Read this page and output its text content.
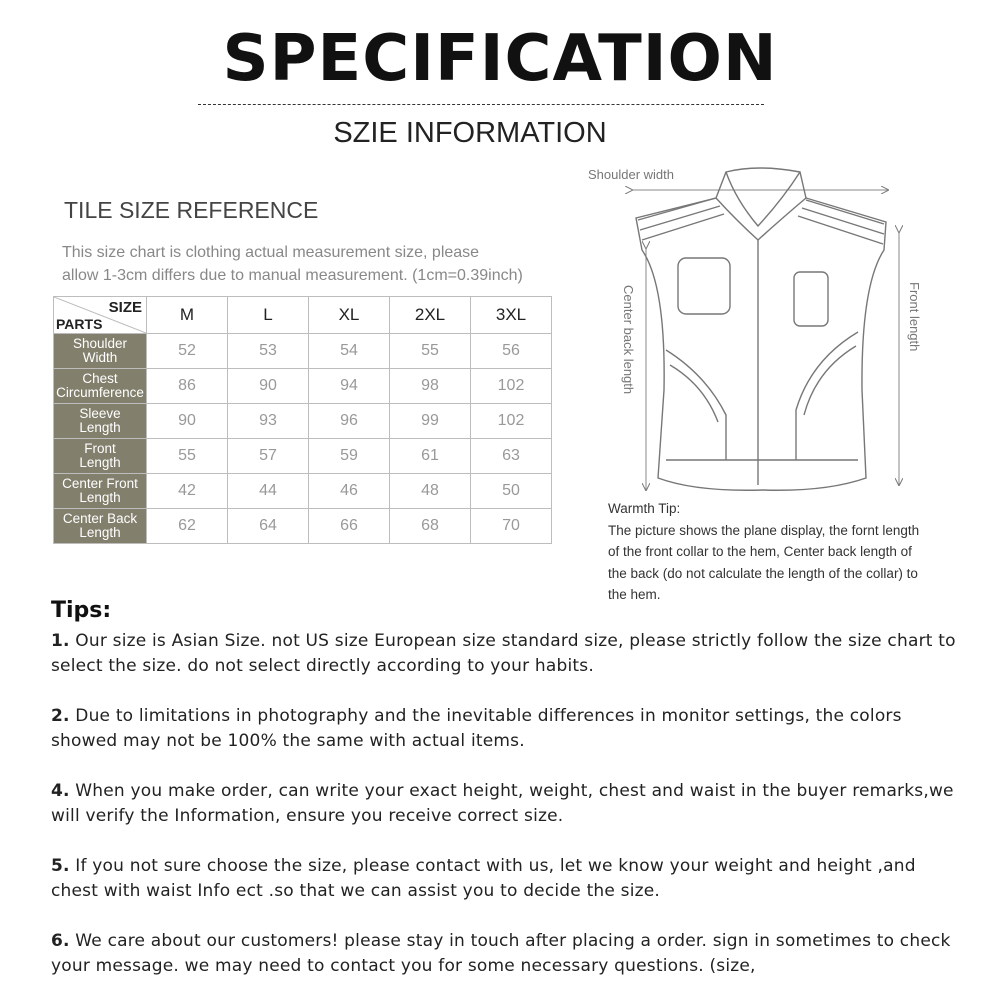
SPECIFICATION
SZIE INFORMATION
TILE SIZE REFERENCE
This size chart is clothing actual measurement size, please
allow 1-3cm differs due to manual measurement. (1cm=0.39inch)
SIZE
PARTS	M	L	XL	2XL	3XL

Shoulder
Width	52	53	54	55	56

Chest
Circumference	86	90	94	98	102

Sleeve
Length	90	93	96	99	102

Front
Length	55	57	59	61	63

Center Front
Length	42	44	46	48	50

Center Back
Length	62	64	66	68	70
Shoulder width
Center back length	Front length
Warmth Tip:
The picture shows the plane display, the fornt length
of the front collar to the hem, Center back length of
the back (do not calculate the length of the collar) to
the hem.
Tips:
1. Our size is Asian Size. not US size European size standard size, please strictly follow the size chart to select the size. do not select directly according to your habits.
2. Due to limitations in photography and the inevitable differences in monitor settings, the colors showed may not be 100% the same with actual items.
4. When you make order, can write your exact height, weight, chest and waist in the buyer remarks,we will verify the Information, ensure you receive correct size.
5. If you not sure choose the size, please contact with us, let we know your weight and height ,and chest with waist Info ect .so that we can assist you to decide the size.
6. We care about our customers! please stay in touch after placing a order. sign in sometimes to check your message. we may need to contact you for some necessary questions. (size,
